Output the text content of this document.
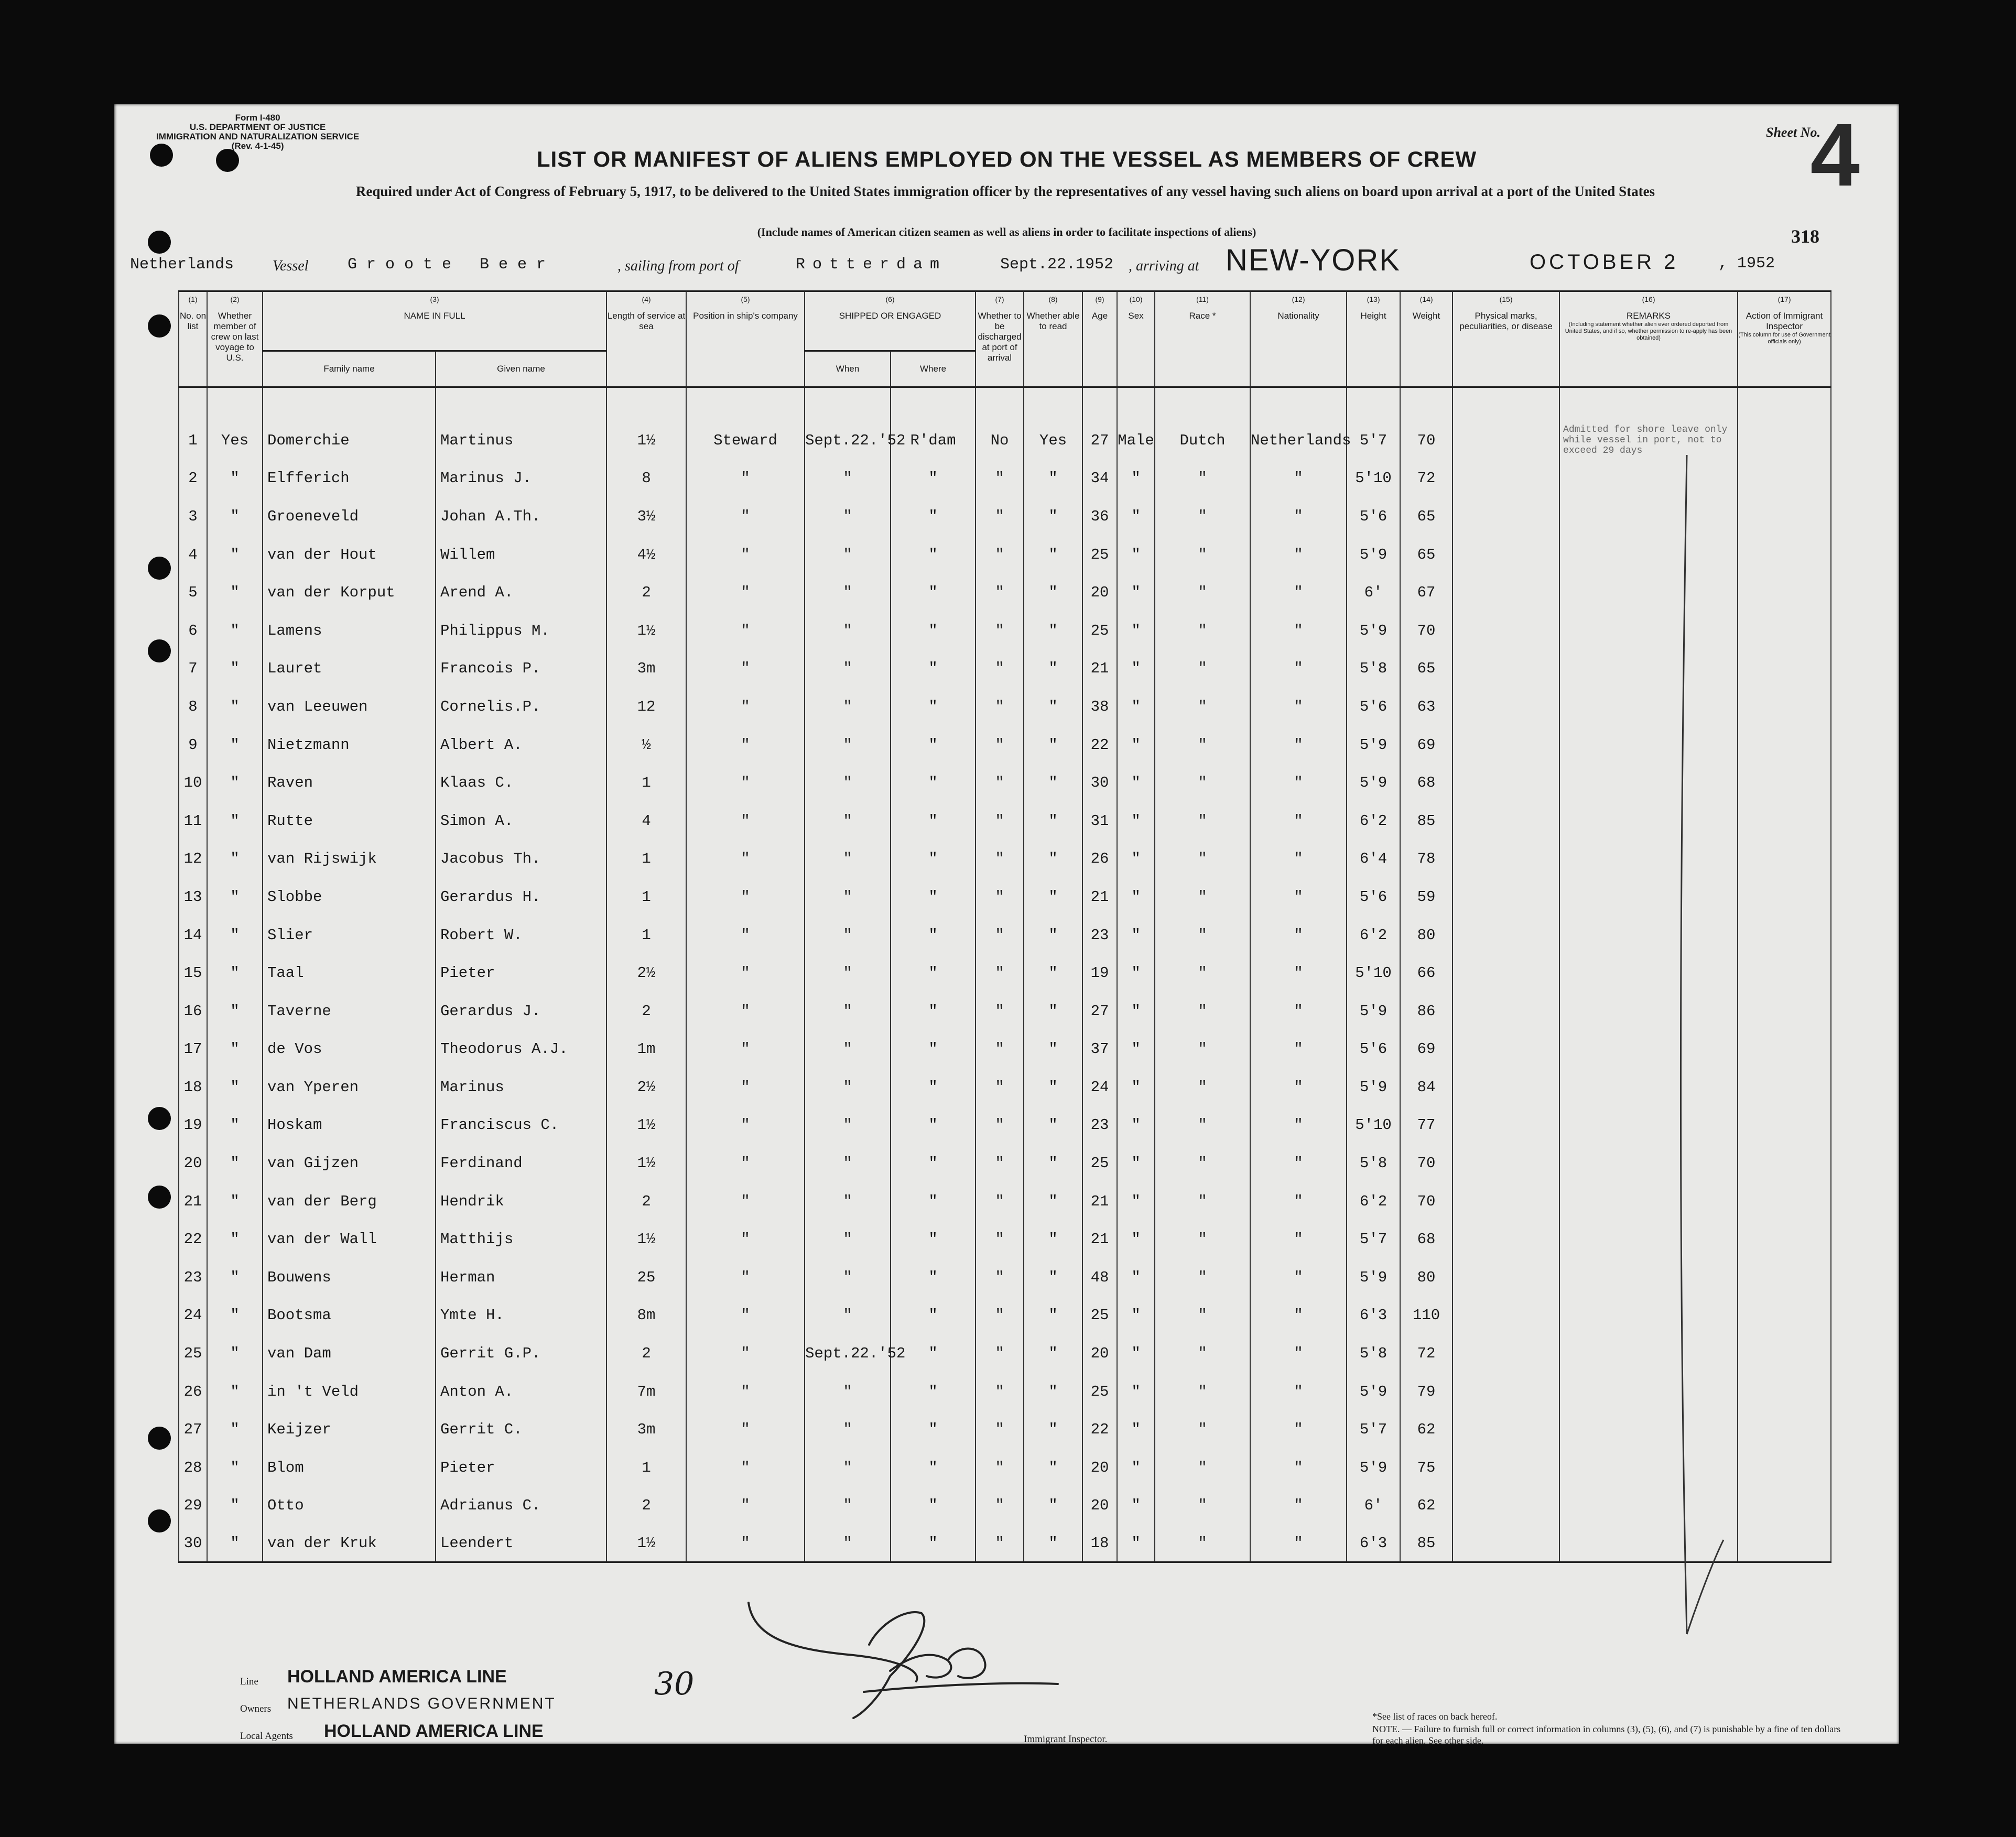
Form I-480
U.S. DEPARTMENT OF JUSTICE
IMMIGRATION AND NATURALIZATION SERVICE
(Rev. 4-1-45)
Sheet No.
4
LIST OR MANIFEST OF ALIENS EMPLOYED ON THE VESSEL AS MEMBERS OF CREW
Required under Act of Congress of February 5, 1917, to be delivered to the United States immigration officer by the representatives of any vessel having such aliens on board upon arrival at a port of the United States
(Include names of American citizen seamen as well as aliens in order to facilitate inspections of aliens)	318
Netherlands	Vessel Groote Beer	, sailing from port of	Rotterdam	Sept.22.1952 , arriving at NEW-YORK	OCTOBER 2	, 1952
(1)
No. on list	(2)
Whether member of crew on last voyage to U.S.	(3)
NAME IN FULL		(4)
Length of service at sea	(5)
Position in ship's company	(6)
SHIPPED OR ENGAGED		(7)
Whether to be discharged at port of arrival	(8)
Whether able to read	(9)
Age	(10)
Sex	(11)
Race *	(12)
Nationality	(13)
Height	(14)
Weight	(15)
Physical marks, peculiarities, or disease	(16)
REMARKS
(Including statement whether alien ever ordered deported from United States, and if so, whether permission to re-apply has been obtained)	(17)
Action of Immigrant Inspector
(This column for use of Government officials only)

		Family name	Given name			When	Where											

1	Yes	Domerchie	Martinus	1½	Steward	Sept.22.'52	R'dam	No	Yes	27	Male	Dutch	Netherlands	5'7	70		Admitted for shore leave only while vessel in port, not to exceed 29 days	
2	"	Elfferich	Marinus J.	8	"	"	"	"	"	34	"	"	"	5'10	72			
3	"	Groeneveld	Johan A.Th.	3½	"	"	"	"	"	36	"	"	"	5'6	65			
4	"	van der Hout	Willem	4½	"	"	"	"	"	25	"	"	"	5'9	65			
5	"	van der Korput	Arend A.	2	"	"	"	"	"	20	"	"	"	6'	67			
6	"	Lamens	Philippus M.	1½	"	"	"	"	"	25	"	"	"	5'9	70			
7	"	Lauret	Francois P.	3m	"	"	"	"	"	21	"	"	"	5'8	65			
8	"	van Leeuwen	Cornelis.P.	12	"	"	"	"	"	38	"	"	"	5'6	63			
9	"	Nietzmann	Albert A.	½	"	"	"	"	"	22	"	"	"	5'9	69			
10	"	Raven	Klaas C.	1	"	"	"	"	"	30	"	"	"	5'9	68			
11	"	Rutte	Simon A.	4	"	"	"	"	"	31	"	"	"	6'2	85			
12	"	van Rijswijk	Jacobus Th.	1	"	"	"	"	"	26	"	"	"	6'4	78			
13	"	Slobbe	Gerardus H.	1	"	"	"	"	"	21	"	"	"	5'6	59			
14	"	Slier	Robert W.	1	"	"	"	"	"	23	"	"	"	6'2	80			
15	"	Taal	Pieter	2½	"	"	"	"	"	19	"	"	"	5'10	66			
16	"	Taverne	Gerardus J.	2	"	"	"	"	"	27	"	"	"	5'9	86			
17	"	de Vos	Theodorus A.J.	1m	"	"	"	"	"	37	"	"	"	5'6	69			
18	"	van Yperen	Marinus	2½	"	"	"	"	"	24	"	"	"	5'9	84			
19	"	Hoskam	Franciscus C.	1½	"	"	"	"	"	23	"	"	"	5'10	77			
20	"	van Gijzen	Ferdinand	1½	"	"	"	"	"	25	"	"	"	5'8	70			
21	"	van der Berg	Hendrik	2	"	"	"	"	"	21	"	"	"	6'2	70			
22	"	van der Wall	Matthijs	1½	"	"	"	"	"	21	"	"	"	5'7	68			
23	"	Bouwens	Herman	25	"	"	"	"	"	48	"	"	"	5'9	80			
24	"	Bootsma	Ymte H.	8m	"	"	"	"	"	25	"	"	"	6'3	110			
25	"	van Dam	Gerrit G.P.	2	"	Sept.22.'52	"	"	"	20	"	"	"	5'8	72			
26	"	in 't Veld	Anton A.	7m	"	"	"	"	"	25	"	"	"	5'9	79			
27	"	Keijzer	Gerrit C.	3m	"	"	"	"	"	22	"	"	"	5'7	62			
28	"	Blom	Pieter	1	"	"	"	"	"	20	"	"	"	5'9	75			
29	"	Otto	Adrianus C.	2	"	"	"	"	"	20	"	"	"	6'	62			
30	"	van der Kruk	Leendert	1½	"	"	"	"	"	18	"	"	"	6'3	85			
Line HOLLAND AMERICA LINE
Owners NETHERLANDS GOVERNMENT
Local Agents HOLLAND AMERICA LINE
30
Immigrant Inspector.
*See list of races on back hereof.
NOTE. — Failure to furnish full or correct information in columns (3), (5), (6), and (7) is punishable by a fine of ten dollars for each alien. See other side.
